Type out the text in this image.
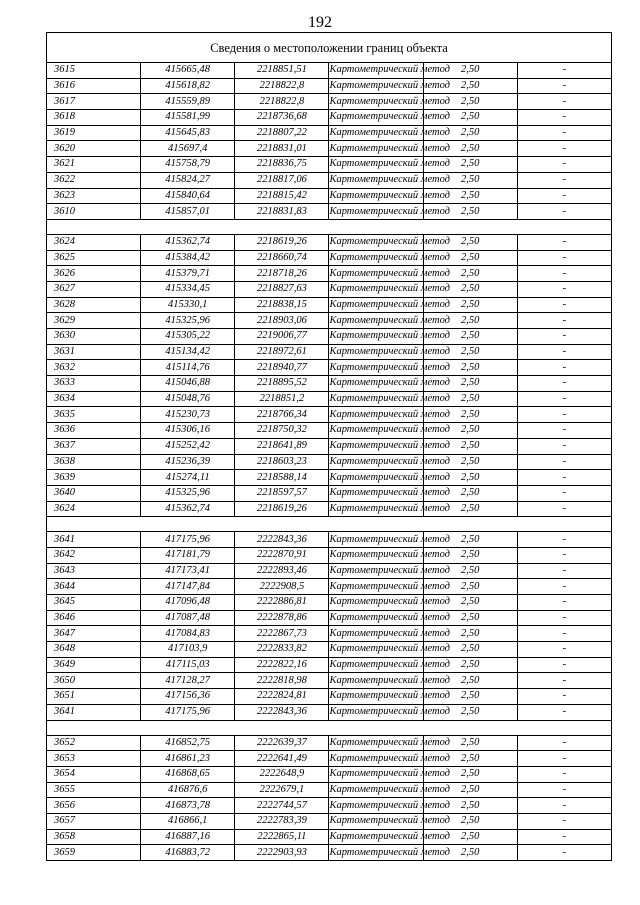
192
Сведения о местоположении границ объекта					
3615	415665,48	2218851,51	Картометрический метод	2,50	-
3616	415618,82	2218822,8	Картометрический метод	2,50	-
3617	415559,89	2218822,8	Картометрический метод	2,50	-
3618	415581,99	2218736,68	Картометрический метод	2,50	-
3619	415645,83	2218807,22	Картометрический метод	2,50	-
3620	415697,4	2218831,01	Картометрический метод	2,50	-
3621	415758,79	2218836,75	Картометрический метод	2,50	-
3622	415824,27	2218817,06	Картометрический метод	2,50	-
3623	415840,64	2218815,42	Картометрический метод	2,50	-
3610	415857,01	2218831,83	Картометрический метод	2,50	-

3624	415362,74	2218619,26	Картометрический метод	2,50	-
3625	415384,42	2218660,74	Картометрический метод	2,50	-
3626	415379,71	2218718,26	Картометрический метод	2,50	-
3627	415334,45	2218827,63	Картометрический метод	2,50	-
3628	415330,1	2218838,15	Картометрический метод	2,50	-
3629	415325,96	2218903,06	Картометрический метод	2,50	-
3630	415305,22	2219006,77	Картометрический метод	2,50	-
3631	415134,42	2218972,61	Картометрический метод	2,50	-
3632	415114,76	2218940,77	Картометрический метод	2,50	-
3633	415046,88	2218895,52	Картометрический метод	2,50	-
3634	415048,76	2218851,2	Картометрический метод	2,50	-
3635	415230,73	2218766,34	Картометрический метод	2,50	-
3636	415306,16	2218750,32	Картометрический метод	2,50	-
3637	415252,42	2218641,89	Картометрический метод	2,50	-
3638	415236,39	2218603,23	Картометрический метод	2,50	-
3639	415274,11	2218588,14	Картометрический метод	2,50	-
3640	415325,96	2218597,57	Картометрический метод	2,50	-
3624	415362,74	2218619,26	Картометрический метод	2,50	-

3641	417175,96	2222843,36	Картометрический метод	2,50	-
3642	417181,79	2222870,91	Картометрический метод	2,50	-
3643	417173,41	2222893,46	Картометрический метод	2,50	-
3644	417147,84	2222908,5	Картометрический метод	2,50	-
3645	417096,48	2222886,81	Картометрический метод	2,50	-
3646	417087,48	2222878,86	Картометрический метод	2,50	-
3647	417084,83	2222867,73	Картометрический метод	2,50	-
3648	417103,9	2222833,82	Картометрический метод	2,50	-
3649	417115,03	2222822,16	Картометрический метод	2,50	-
3650	417128,27	2222818,98	Картометрический метод	2,50	-
3651	417156,36	2222824,81	Картометрический метод	2,50	-
3641	417175,96	2222843,36	Картометрический метод	2,50	-

3652	416852,75	2222639,37	Картометрический метод	2,50	-
3653	416861,23	2222641,49	Картометрический метод	2,50	-
3654	416868,65	2222648,9	Картометрический метод	2,50	-
3655	416876,6	2222679,1	Картометрический метод	2,50	-
3656	416873,78	2222744,57	Картометрический метод	2,50	-
3657	416866,1	2222783,39	Картометрический метод	2,50	-
3658	416887,16	2222865,11	Картометрический метод	2,50	-
3659	416883,72	2222903,93	Картометрический метод	2,50	-
